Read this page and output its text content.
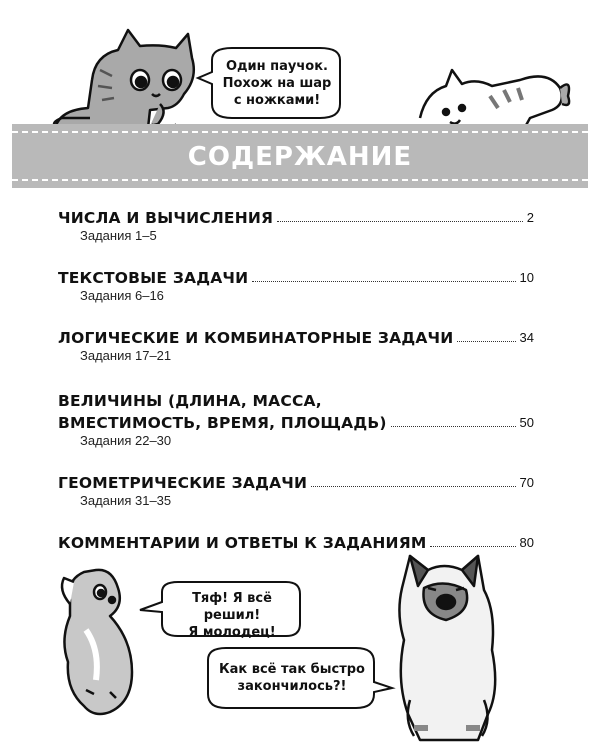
СОДЕРЖАНИЕ
Один паучок.
Похож на шар
с ножками!
ЧИСЛА И ВЫЧИСЛЕНИЯ	2
Задания 1–5
ТЕКСТОВЫЕ ЗАДАЧИ	10
Задания 6–16
ЛОГИЧЕСКИЕ И КОМБИНАТОРНЫЕ ЗАДАЧИ	34
Задания 17–21
ВЕЛИЧИНЫ (ДЛИНА, МАССА,
ВМЕСТИМОСТЬ, ВРЕМЯ, ПЛОЩАДЬ)	50
Задания 22–30
ГЕОМЕТРИЧЕСКИЕ ЗАДАЧИ	70
Задания 31–35
КОММЕНТАРИИ И ОТВЕТЫ К ЗАДАНИЯМ	80
Тяф! Я всё решил!
Я молодец!
Как всё так быстро
закончилось?!
